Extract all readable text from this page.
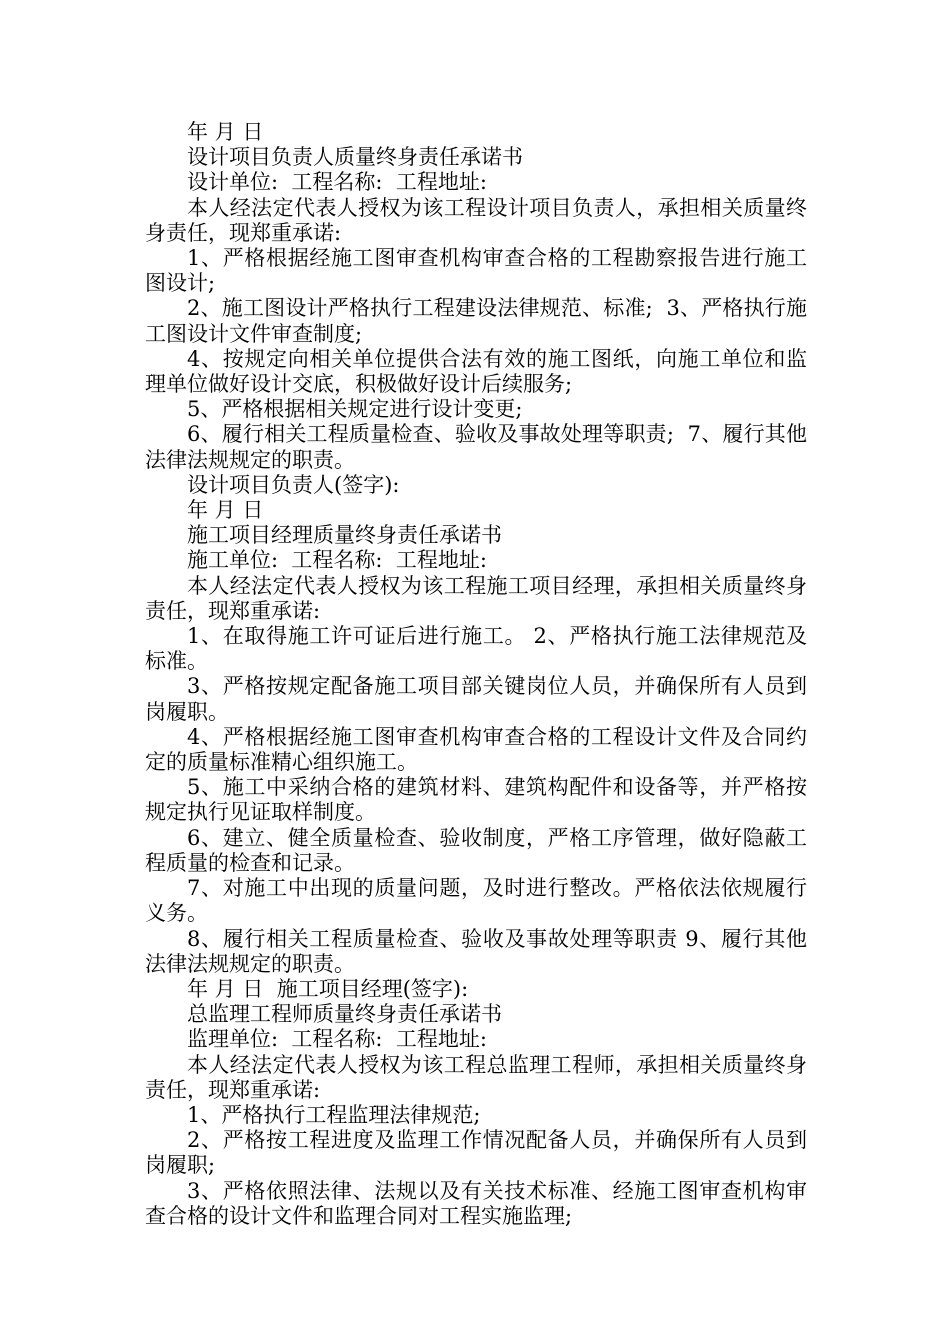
年 月 日

设计项目负责人质量终身责任承诺书

设计单位:  工程名称:  工程地址:

本人经法定代表人授权为该工程设计项目负责人，承担相关质量终身责任，现郑重承诺:

1、严格根据经施工图审查机构审查合格的工程勘察报告进行施工图设计;

2、施工图设计严格执行工程建设法律规范、标准;  3、严格执行施工图设计文件审查制度;

4、按规定向相关单位提供合法有效的施工图纸，向施工单位和监理单位做好设计交底，积极做好设计后续服务;

5、严格根据相关规定进行设计变更;

6、履行相关工程质量检查、验收及事故处理等职责;  7、履行其他法律法规规定的职责。

设计项目负责人(签字):

年 月 日

施工项目经理质量终身责任承诺书

施工单位:  工程名称:  工程地址:

本人经法定代表人授权为该工程施工项目经理，承担相关质量终身责任，现郑重承诺:

1、在取得施工许可证后进行施工。 2、严格执行施工法律规范及标准。

3、严格按规定配备施工项目部关键岗位人员，并确保所有人员到岗履职。

4、严格根据经施工图审查机构审查合格的工程设计文件及合同约定的质量标准精心组织施工。

5、施工中采纳合格的建筑材料、建筑构配件和设备等，并严格按规定执行见证取样制度。

6、建立、健全质量检查、验收制度，严格工序管理，做好隐蔽工程质量的检查和记录。

7、对施工中出现的质量问题，及时进行整改。严格依法依规履行义务。

8、履行相关工程质量检查、验收及事故处理等职责 9、履行其他法律法规规定的职责。

年 月 日  施工项目经理(签字):

总监理工程师质量终身责任承诺书

监理单位:  工程名称:  工程地址:

本人经法定代表人授权为该工程总监理工程师，承担相关质量终身责任，现郑重承诺:

1、严格执行工程监理法律规范;

2、严格按工程进度及监理工作情况配备人员，并确保所有人员到岗履职;

3、严格依照法律、法规以及有关技术标准、经施工图审查机构审查合格的设计文件和监理合同对工程实施监理;
